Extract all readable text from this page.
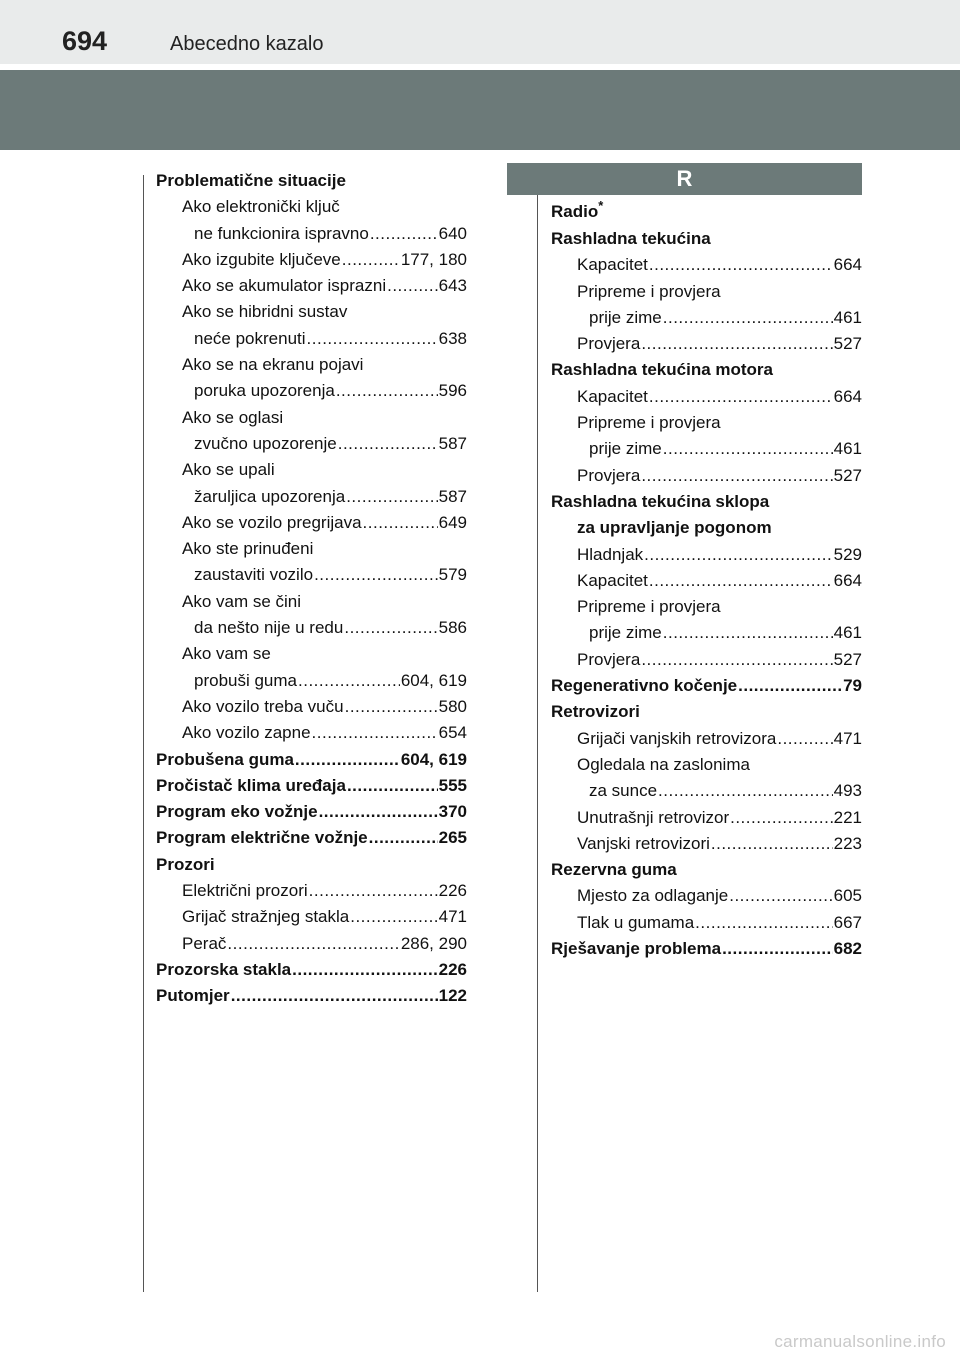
694	Abecedno kazalo
Problematične situacije
Ako elektronički ključ
ne funkcionira ispravno .....	640
Ako izgubite ključeve .....	177, 180
Ako se akumulator isprazni .....	643
Ako se hibridni sustav
neće pokrenuti .....	638
Ako se na ekranu pojavi
poruka upozorenja .....	596
Ako se oglasi
zvučno upozorenje .....	587
Ako se upali
žaruljica upozorenja .....	587
Ako se vozilo pregrijava .....	649
Ako ste prinuđeni
zaustaviti vozilo .....	579
Ako vam se čini
da nešto nije u redu .....	586
Ako vam se
probuši guma .....	604, 619
Ako vozilo treba vuču .....	580
Ako vozilo zapne .....	654
Probušena guma .....	604, 619
Pročistač klima uređaja .....	555
Program eko vožnje .....	370
Program električne vožnje .....	265
Prozori
Električni prozori .....	226
Grijač stražnjeg stakla .....	471
Perač .....	286, 290
Prozorska stakla .....	226
Putomjer .....	122
R
Radio*
Rashladna tekućina
Kapacitet .....	664
Pripreme i provjera
prije zime .....	461
Provjera .....	527
Rashladna tekućina motora
Kapacitet .....	664
Pripreme i provjera
prije zime .....	461
Provjera .....	527
Rashladna tekućina sklopa
za upravljanje pogonom
Hladnjak .....	529
Kapacitet .....	664
Pripreme i provjera
prije zime .....	461
Provjera .....	527
Regenerativno kočenje .....	79
Retrovizori
Grijači vanjskih retrovizora .....	471
Ogledala na zaslonima
za sunce .....	493
Unutrašnji retrovizor .....	221
Vanjski retrovizori .....	223
Rezervna guma
Mjesto za odlaganje .....	605
Tlak u gumama .....	667
Rješavanje problema .....	682
carmanualsonline.info
